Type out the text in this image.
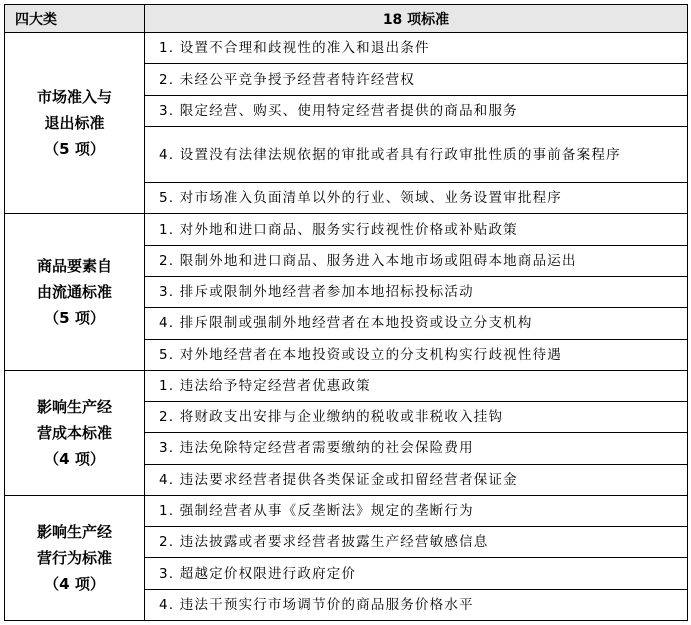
四大类	18 项标准

市场准入与
退出标准
（5 项）	1. 设置不合理和歧视性的准入和退出条件
	2. 未经公平竞争授予经营者特许经营权
	3. 限定经营、购买、使用特定经营者提供的商品和服务
	4. 设置没有法律法规依据的审批或者具有行政审批性质的事前备案程序
	5. 对市场准入负面清单以外的行业、领域、业务设置审批程序

商品要素自
由流通标准
（5 项）	1. 对外地和进口商品、服务实行歧视性价格或补贴政策
	2. 限制外地和进口商品、服务进入本地市场或阻碍本地商品运出
	3. 排斥或限制外地经营者参加本地招标投标活动
	4. 排斥限制或强制外地经营者在本地投资或设立分支机构
	5. 对外地经营者在本地投资或设立的分支机构实行歧视性待遇

影响生产经
营成本标准
（4 项）	1. 违法给予特定经营者优惠政策
	2. 将财政支出安排与企业缴纳的税收或非税收入挂钩
	3. 违法免除特定经营者需要缴纳的社会保险费用
	4. 违法要求经营者提供各类保证金或扣留经营者保证金

影响生产经
营行为标准
（4 项）	1. 强制经营者从事《反垄断法》规定的垄断行为
	2. 违法披露或者要求经营者披露生产经营敏感信息
	3. 超越定价权限进行政府定价
	4. 违法干预实行市场调节价的商品服务价格水平
